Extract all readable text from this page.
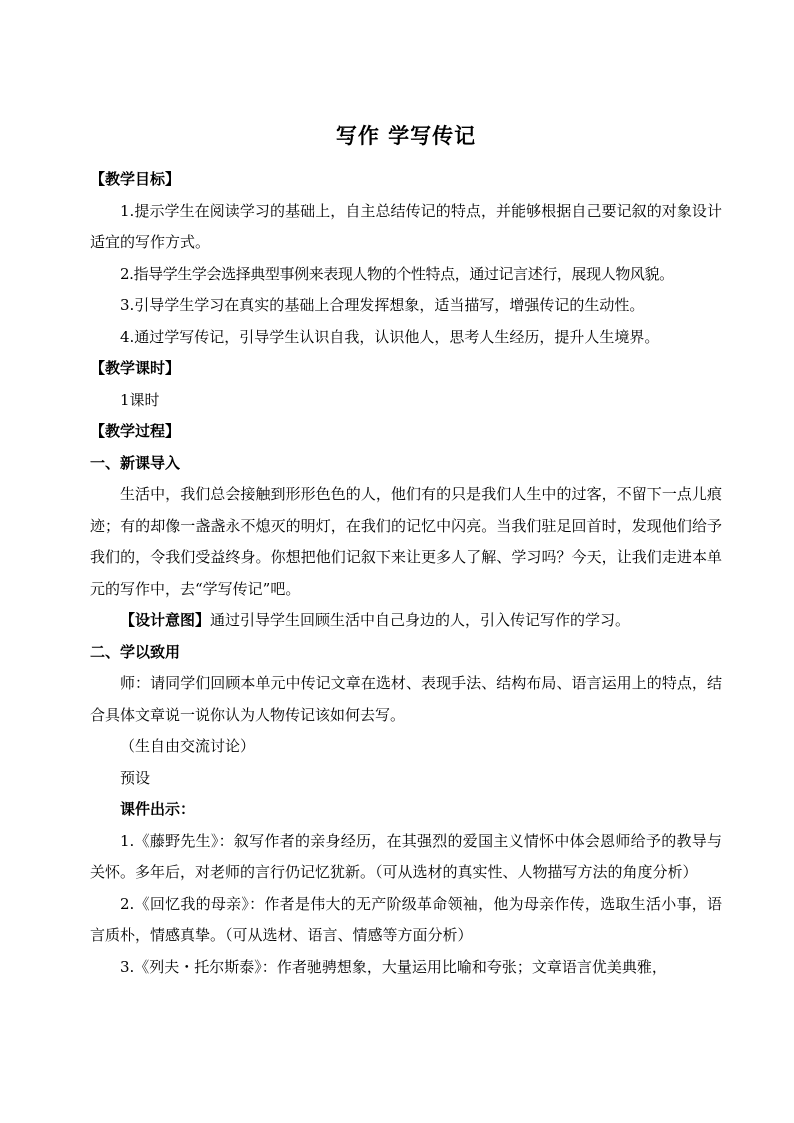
写作 学写传记

【教学目标】

1.提示学生在阅读学习的基础上，自主总结传记的特点，并能够根据自己要记叙的对象设计适宜的写作方式。

2.指导学生学会选择典型事例来表现人物的个性特点，通过记言述行，展现人物风貌。

3.引导学生学习在真实的基础上合理发挥想象，适当描写，增强传记的生动性。

4.通过学写传记，引导学生认识自我，认识他人，思考人生经历，提升人生境界。

【教学课时】

1课时

【教学过程】

一、新课导入

生活中，我们总会接触到形形色色的人，他们有的只是我们人生中的过客，不留下一点儿痕迹；有的却像一盏盏永不熄灭的明灯，在我们的记忆中闪亮。当我们驻足回首时，发现他们给予我们的，令我们受益终身。你想把他们记叙下来让更多人了解、学习吗？今天，让我们走进本单元的写作中，去“学写传记”吧。

【设计意图】通过引导学生回顾生活中自己身边的人，引入传记写作的学习。

二、学以致用

师：请同学们回顾本单元中传记文章在选材、表现手法、结构布局、语言运用上的特点，结合具体文章说一说你认为人物传记该如何去写。

（生自由交流讨论）

预设

课件出示：

1.《藤野先生》：叙写作者的亲身经历，在其强烈的爱国主义情怀中体会恩师给予的教导与关怀。多年后，对老师的言行仍记忆犹新。（可从选材的真实性、人物描写方法的角度分析）

2.《回忆我的母亲》：作者是伟大的无产阶级革命领袖，他为母亲作传，选取生活小事，语言质朴，情感真挚。（可从选材、语言、情感等方面分析）

3.《列夫・托尔斯泰》：作者驰骋想象，大量运用比喻和夸张；文章语言优美典雅，
